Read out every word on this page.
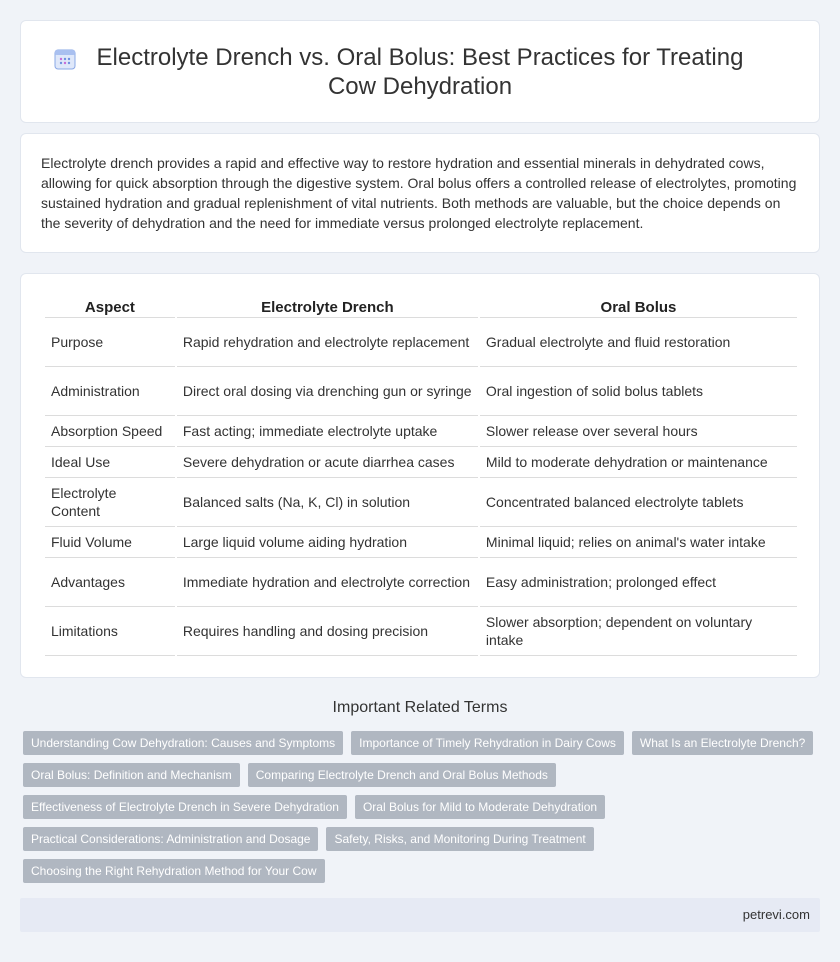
Electrolyte Drench vs. Oral Bolus: Best Practices for Treating Cow Dehydration

Electrolyte drench provides a rapid and effective way to restore hydration and essential minerals in dehydrated cows, allowing for quick absorption through the digestive system. Oral bolus offers a controlled release of electrolytes, promoting sustained hydration and gradual replenishment of vital nutrients. Both methods are valuable, but the choice depends on the severity of dehydration and the need for immediate versus prolonged electrolyte replacement.

Aspect	Electrolyte Drench	Oral Bolus
Purpose	Rapid rehydration and electrolyte replacement	Gradual electrolyte and fluid restoration
Administration	Direct oral dosing via drenching gun or syringe	Oral ingestion of solid bolus tablets
Absorption Speed	Fast acting; immediate electrolyte uptake	Slower release over several hours
Ideal Use	Severe dehydration or acute diarrhea cases	Mild to moderate dehydration or maintenance
Electrolyte Content	Balanced salts (Na, K, Cl) in solution	Concentrated balanced electrolyte tablets
Fluid Volume	Large liquid volume aiding hydration	Minimal liquid; relies on animal's water intake
Advantages	Immediate hydration and electrolyte correction	Easy administration; prolonged effect
Limitations	Requires handling and dosing precision	Slower absorption; dependent on voluntary intake
Important Related Terms
Understanding Cow Dehydration: Causes and Symptoms	Importance of Timely Rehydration in Dairy Cows	What Is an Electrolyte Drench?
Oral Bolus: Definition and Mechanism	Comparing Electrolyte Drench and Oral Bolus Methods
Effectiveness of Electrolyte Drench in Severe Dehydration	Oral Bolus for Mild to Moderate Dehydration
Practical Considerations: Administration and Dosage	Safety, Risks, and Monitoring During Treatment
Choosing the Right Rehydration Method for Your Cow
petrevi.com
